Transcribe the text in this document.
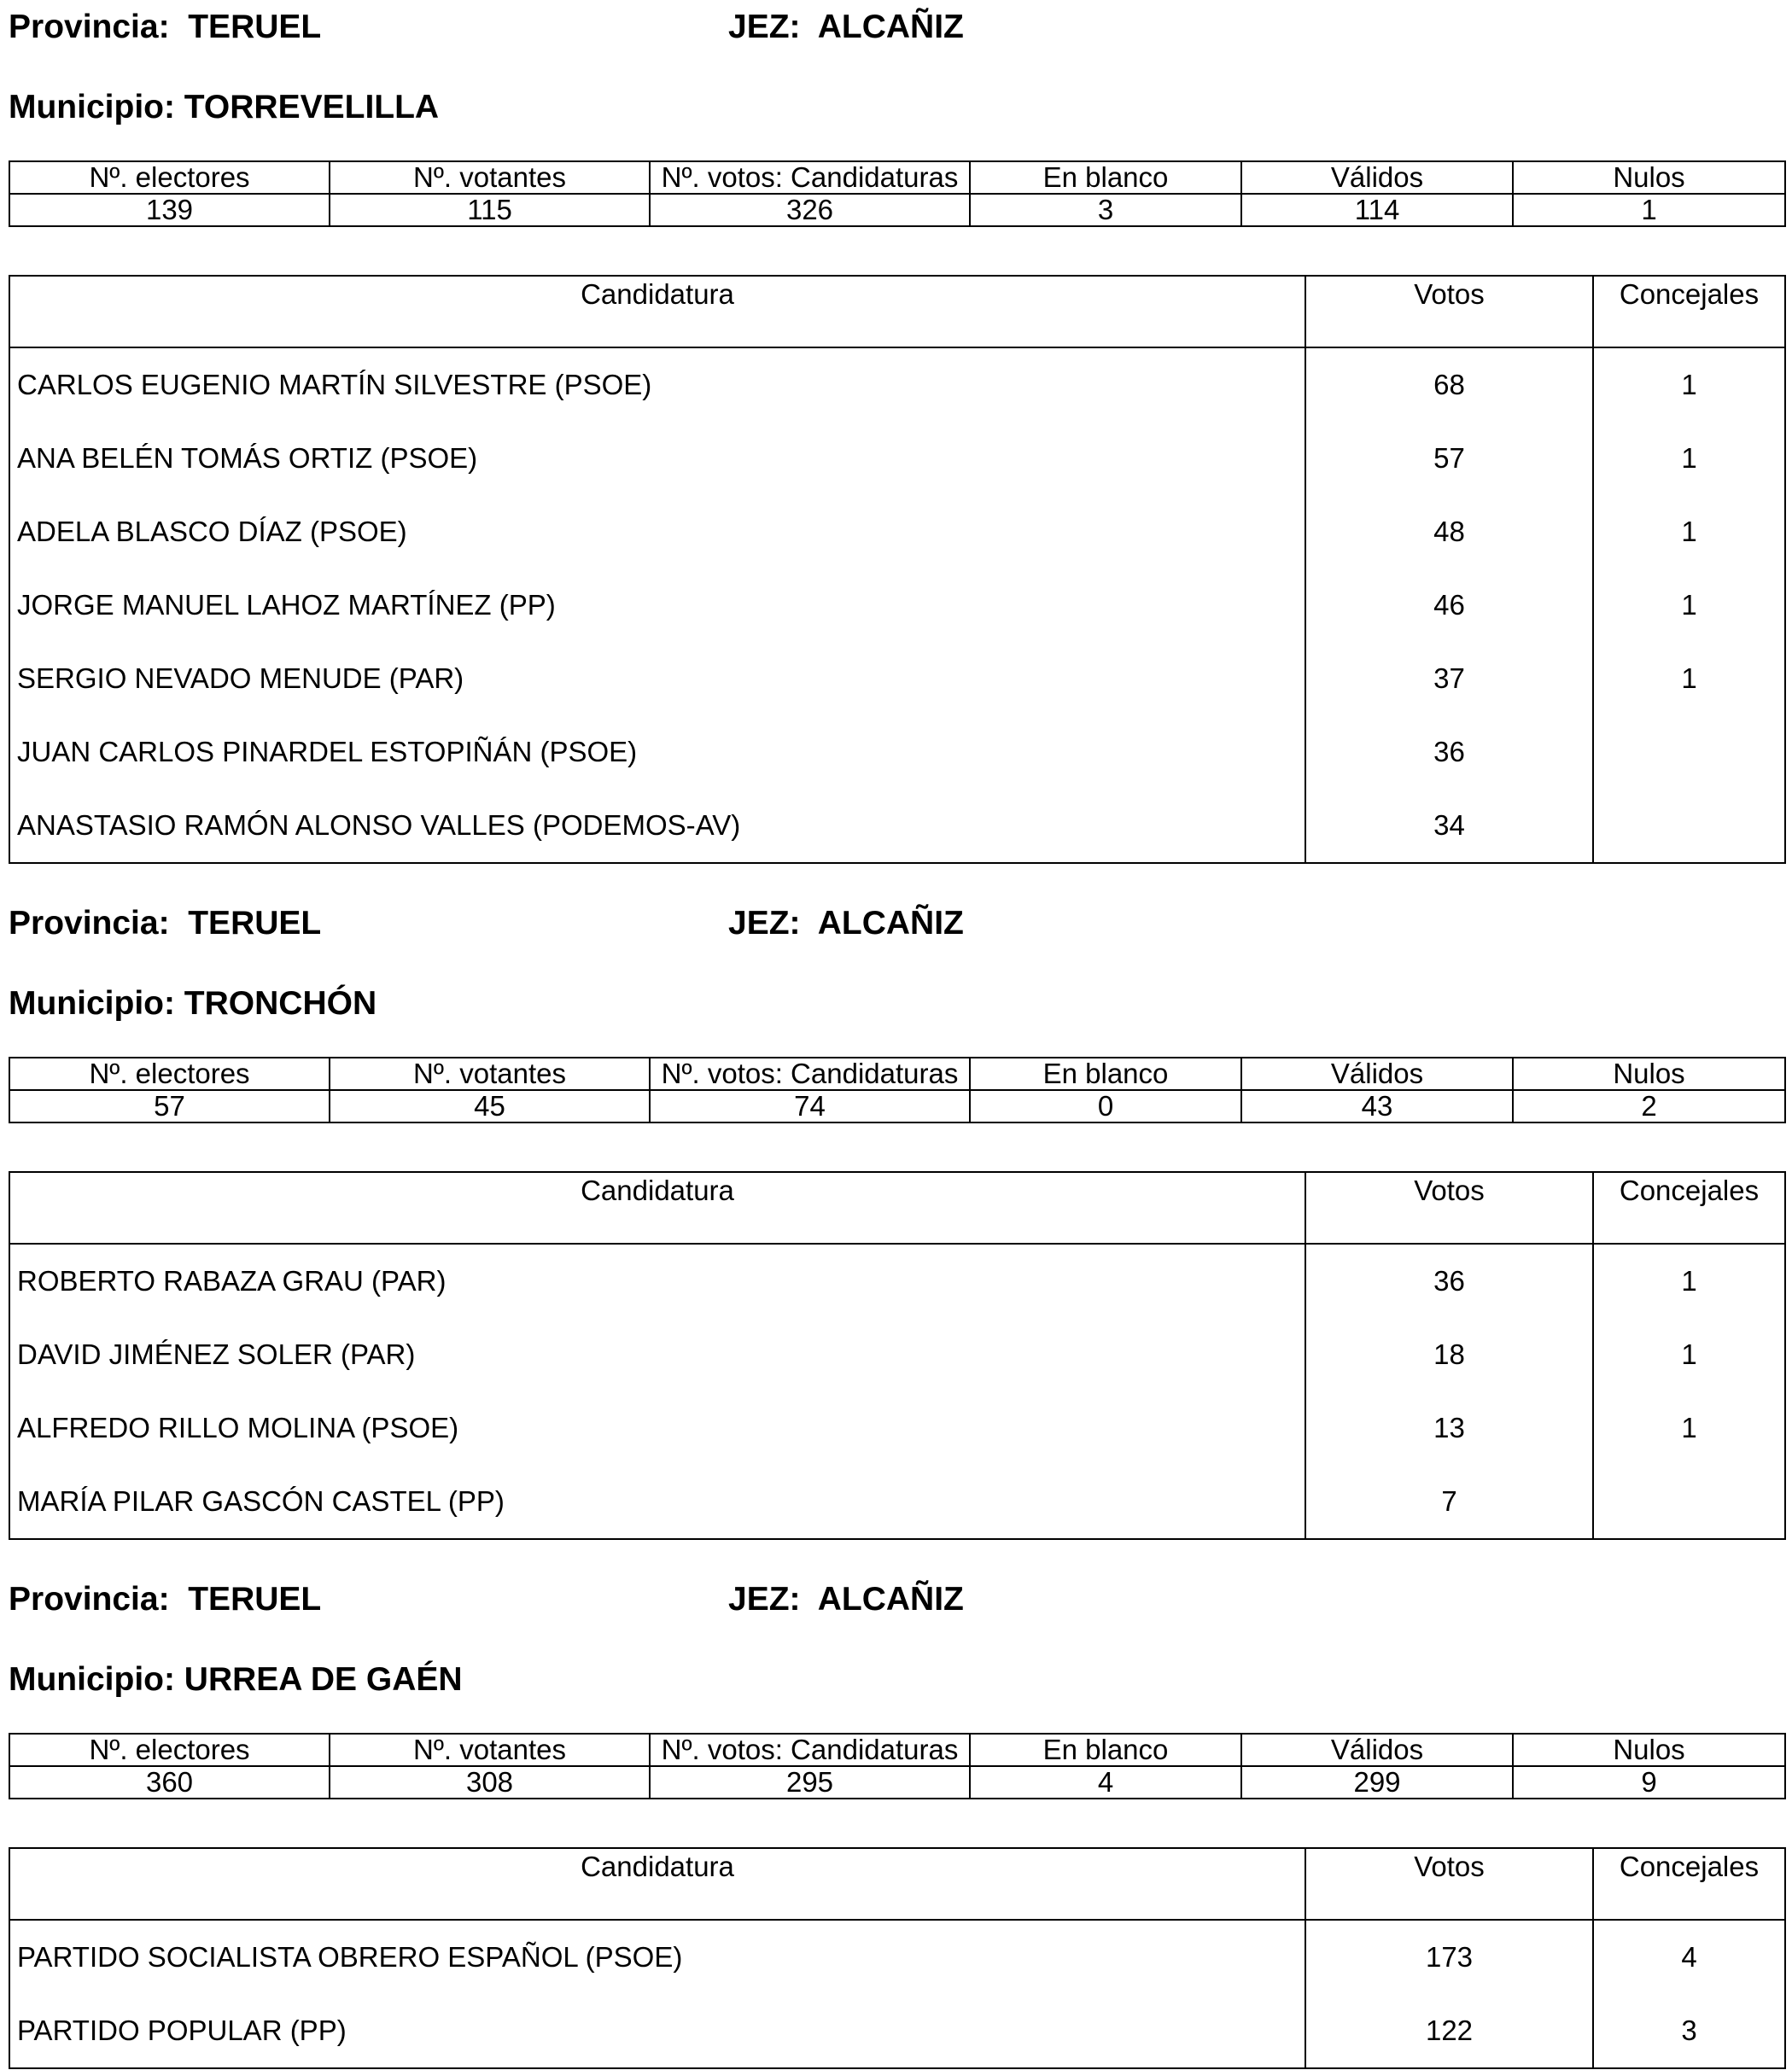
Provincia:  TERUEL	JEZ:  ALCAÑIZ
Municipio: TORREVELILLA
Nº. electores	Nº. votantes	Nº. votos: Candidaturas	En blanco	Válidos	Nulos
139	115	326	3	114	1
Candidatura	Votos	Concejales
CARLOS EUGENIO MARTÍN SILVESTRE (PSOE)	68	1
ANA BELÉN TOMÁS ORTIZ (PSOE)	57	1
ADELA BLASCO DÍAZ (PSOE)	48	1
JORGE MANUEL LAHOZ MARTÍNEZ (PP)	46	1
SERGIO NEVADO MENUDE (PAR)	37	1
JUAN CARLOS PINARDEL ESTOPIÑÁN (PSOE)	36	
ANASTASIO RAMÓN ALONSO VALLES (PODEMOS-AV)	34	
Provincia:  TERUEL	JEZ:  ALCAÑIZ
Municipio: TRONCHÓN
Nº. electores	Nº. votantes	Nº. votos: Candidaturas	En blanco	Válidos	Nulos
57	45	74	0	43	2
Candidatura	Votos	Concejales
ROBERTO RABAZA GRAU (PAR)	36	1
DAVID JIMÉNEZ SOLER (PAR)	18	1
ALFREDO RILLO MOLINA (PSOE)	13	1
MARÍA PILAR GASCÓN CASTEL (PP)	7	
Provincia:  TERUEL	JEZ:  ALCAÑIZ
Municipio: URREA DE GAÉN
Nº. electores	Nº. votantes	Nº. votos: Candidaturas	En blanco	Válidos	Nulos
360	308	295	4	299	9
Candidatura	Votos	Concejales
PARTIDO SOCIALISTA OBRERO ESPAÑOL (PSOE)	173	4
PARTIDO POPULAR (PP)	122	3
